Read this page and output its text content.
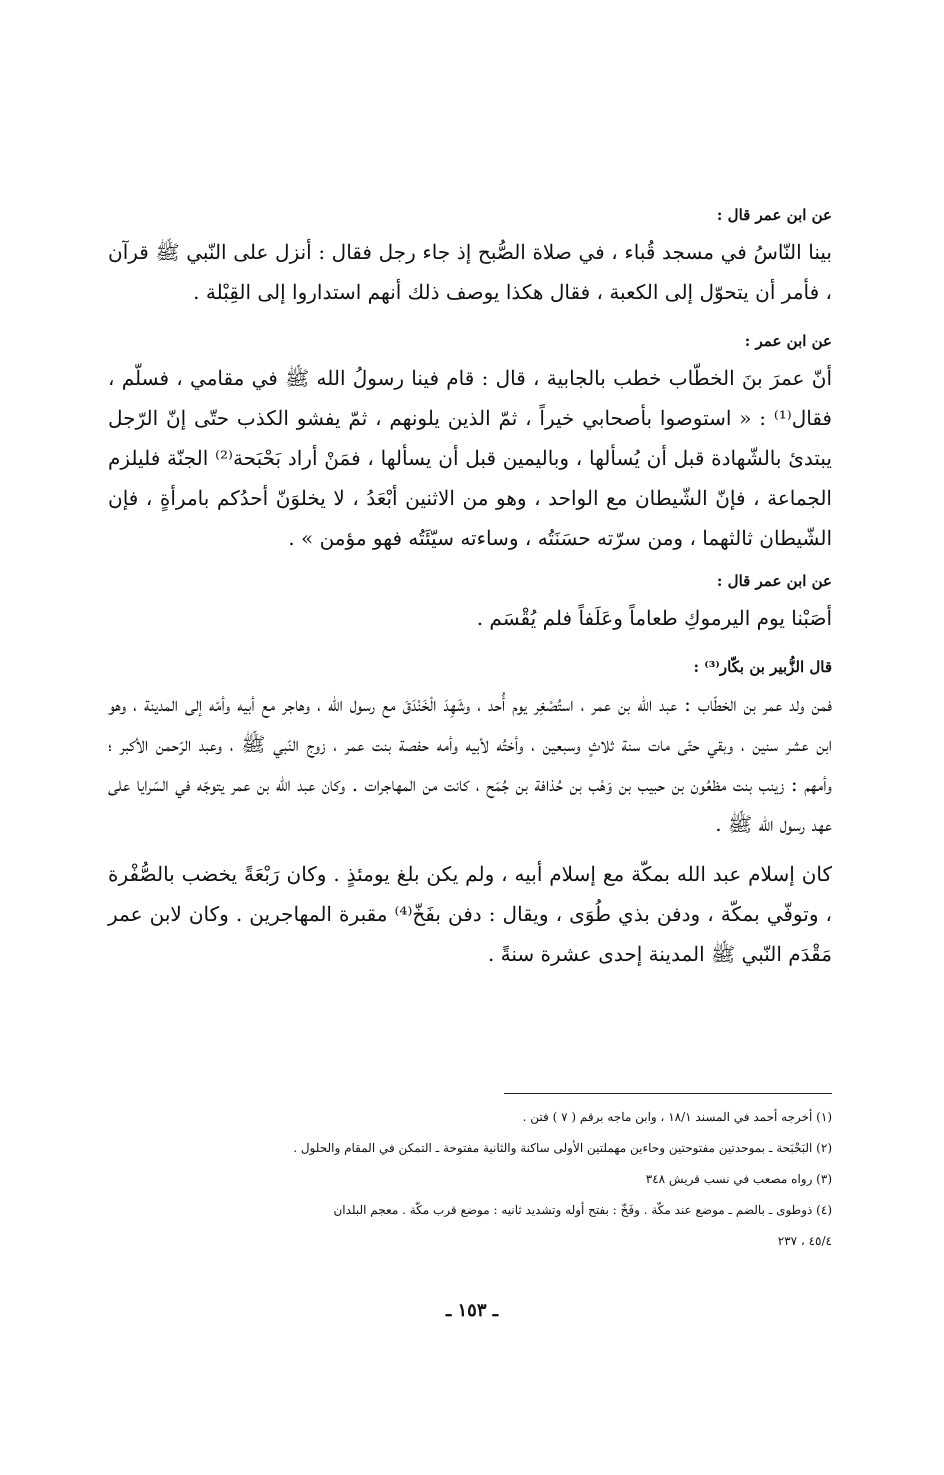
عن ابن عمر قال :

بينا النّاسُ في مسجد قُباء ، في صلاة الصُّبح إذ جاء رجل فقال : أنزل على النّبي ﷺ قرآن ، فأمر أن يتحوّل إلى الكعبة ، فقال هكذا يوصف ذلك أنهم استداروا إلى القِبْلة .

عن ابن عمر :

أنّ عمرَ بنَ الخطّاب خطب بالجابية ، قال : قام فينا رسولُ الله ﷺ في مقامي ، فسلّم ، فقال⁽¹⁾ : « استوصوا بأصحابي خيراً ، ثمّ الذين يلونهم ، ثمّ يفشو الكذب حتّى إنّ الرّجل يبتدئ بالشّهادة قبل أن يُسألها ، وباليمين قبل أن يسألها ، فمَنْ أراد بَحْبَحة⁽²⁾ الجنّة فليلزم الجماعة ، فإنّ الشّيطان مع الواحد ، وهو من الاثنين أبْعَدُ ، لا يخلوَنّ أحدُكم بامرأةٍ ، فإن الشّيطان ثالثهما ، ومن سرّته حسَنَتُه ، وساءته سيّئَتُه فهو مؤمن » .

عن ابن عمر قال :

أصَبْنا يوم اليرموكِ طعاماً وعَلَفاً فلم يُقْسَم .

قال الزُّبير بن بكّار⁽³⁾ :

فمن ولد عمر بن الخطّاب : عبد الله بن عمر ، استُصْغِر يوم أُحد ، وشَهِدَ الْخَنْدَقَ مع رسول الله ، وهاجر مع أبيه وأمّه إلى المدينة ، وهو ابن عشر سنين ، وبقي حتّى مات سنة ثلاثٍ وسبعين ، وأختُه لأبيه وأمه حفصة بنت عمر ، زوج النّبي ﷺ ، وعبد الرّحمن الأكبر ؛ وأمهم : زينب بنت مظعُون بن حبيب بن وَهْب بن حُذافة بن جُمَح ، كانت من المهاجرات . وكان عبد الله بن عمر يتوجّه في السّرايا على عهد رسول الله ﷺ .

كان إسلام عبد الله بمكّة مع إسلام أبيه ، ولم يكن بلغ يومئذٍ . وكان رَبْعَةً يخضب بالصُّفْرة ، وتوفّي بمكّة ، ودفن بذي طُوَى ، ويقال : دفن بفَخّ⁽⁴⁾ مقبرة المهاجرين . وكان لابن عمر مَقْدَم النّبي ﷺ المدينة إحدى عشرة سنةً .

(١) أخرجه أحمد في المسند ١٨/١ ، وابن ماجه برقم ( ٧ ) فتن .

(٢) البَحْبَحة ـ بموحدتين مفتوحتين وحاءين مهملتين الأولى ساكنة والثانية مفتوحة ـ التمكن في المقام والحلول .

(٣) رواه مصعب في نسب قريش ٣٤٨

(٤) ذوطوى ـ بالضم ـ موضع عند مكّة . وفَخّ : بفتح أوله وتشديد ثانيه : موضع قرب مكّة . معجم البلدان

٤٥/٤ ، ٢٣٧

ـ ١٥٣ ـ
